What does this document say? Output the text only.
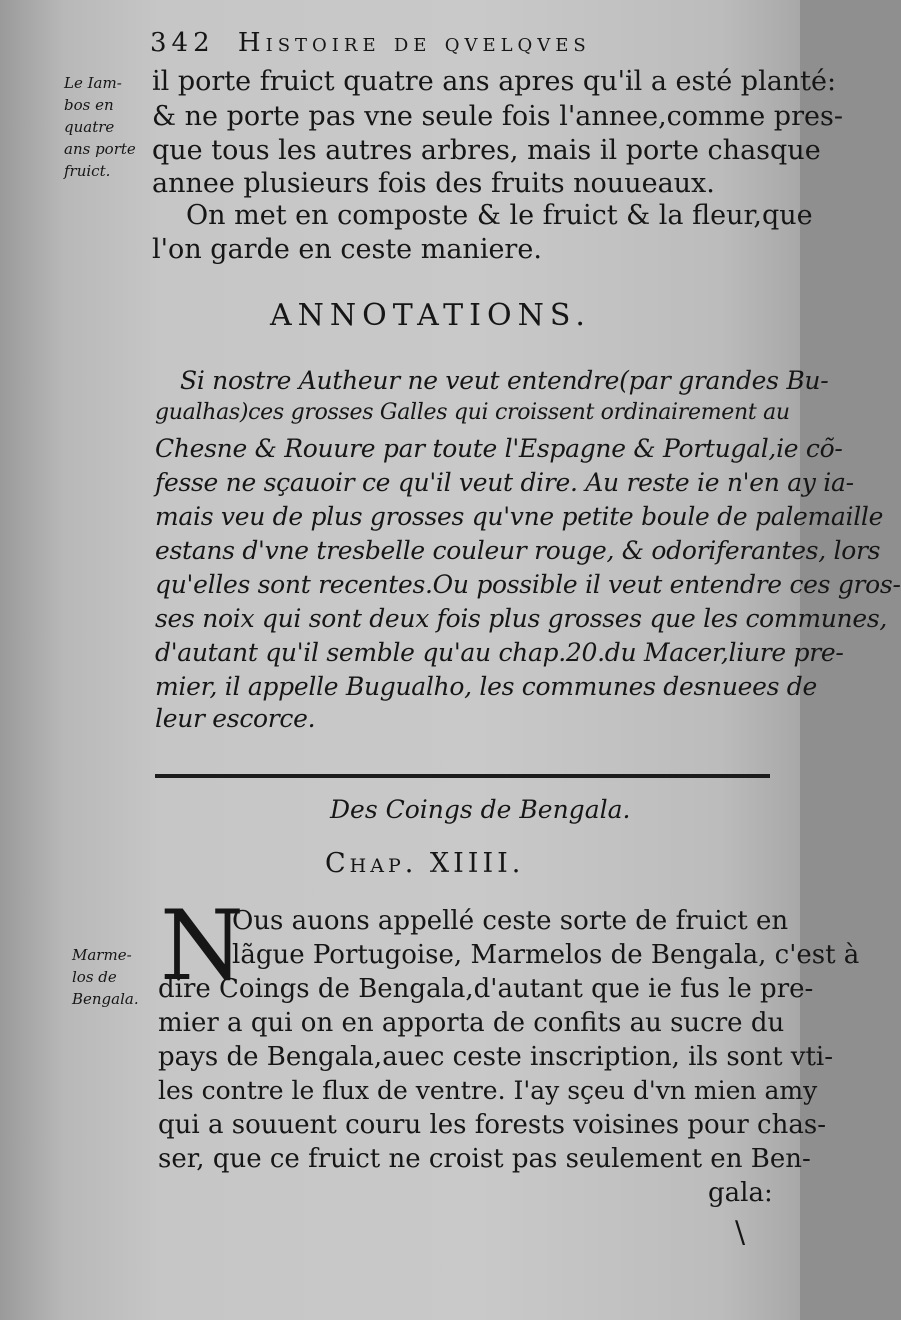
342 Histoire de qvelqves
Le Iam-
bos en
quatre
ans porte
fruict.
il porte fruict quatre ans apres qu'il a esté planté:
& ne porte pas vne seule fois l'annee,comme pres-
que tous les autres arbres, mais il porte chasque
annee plusieurs fois des fruits nouueaux.
On met en composte & le fruict & la fleur,que
l'on garde en ceste maniere.
ANNOTATIONS.
Si nostre Autheur ne veut entendre(par grandes Bu-
gualhas)ces grosses Galles qui croissent ordinairement au
Chesne & Rouure par toute l'Espagne & Portugal,ie cõ-
fesse ne sçauoir ce qu'il veut dire. Au reste ie n'en ay ia-
mais veu de plus grosses qu'vne petite boule de palemaille
estans d'vne tresbelle couleur rouge, & odoriferantes, lors
qu'elles sont recentes.Ou possible il veut entendre ces gros-
ses noix qui sont deux fois plus grosses que les communes,
d'autant qu'il semble qu'au chap.20.du Macer,liure pre-
mier, il appelle Bugualho, les communes desnuees de
leur escorce.
Des Coings de Bengala.
Chap. XIIII.
N
Marme-
los de
Bengala.
Ous auons appellé ceste sorte de fruict en
lãgue Portugoise, Marmelos de Bengala, c'est à
dire Coings de Bengala,d'autant que ie fus le pre-
mier a qui on en apporta de confits au sucre du
pays de Bengala,auec ceste inscription, ils sont vti-
les contre le flux de ventre. I'ay sçeu d'vn mien amy
qui a souuent couru les forests voisines pour chas-
ser, que ce fruict ne croist pas seulement en Ben-
gala:
\
